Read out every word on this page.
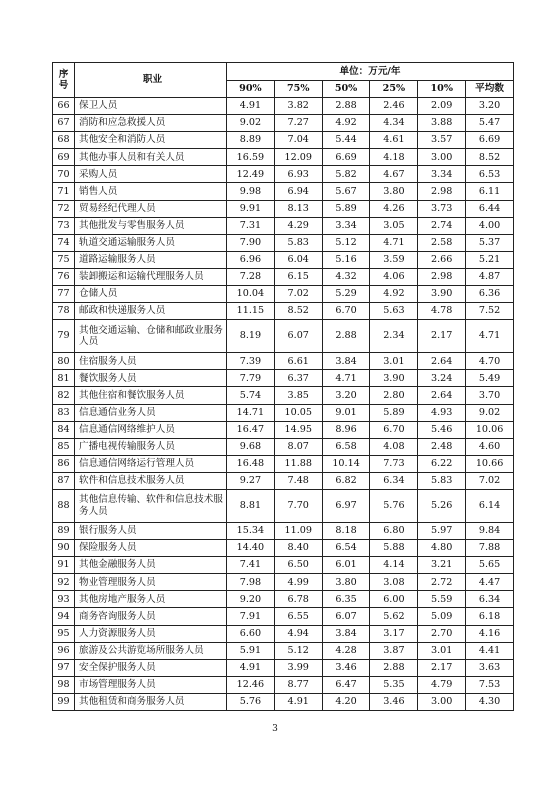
序
号	职业	单位：万元/年					
		90%	75%	50%	25%	10%	平均数
66	保卫人员	4.91	3.82	2.88	2.46	2.09	3.20
67	消防和应急救援人员	9.02	7.27	4.92	4.34	3.88	5.47
68	其他安全和消防人员	8.89	7.04	5.44	4.61	3.57	6.69
69	其他办事人员和有关人员	16.59	12.09	6.69	4.18	3.00	8.52
70	采购人员	12.49	6.93	5.82	4.67	3.34	6.53
71	销售人员	9.98	6.94	5.67	3.80	2.98	6.11
72	贸易经纪代理人员	9.91	8.13	5.89	4.26	3.73	6.44
73	其他批发与零售服务人员	7.31	4.29	3.34	3.05	2.74	4.00
74	轨道交通运输服务人员	7.90	5.83	5.12	4.71	2.58	5.37
75	道路运输服务人员	6.96	6.04	5.16	3.59	2.66	5.21
76	装卸搬运和运输代理服务人员	7.28	6.15	4.32	4.06	2.98	4.87
77	仓储人员	10.04	7.02	5.29	4.92	3.90	6.36
78	邮政和快递服务人员	11.15	8.52	6.70	5.63	4.78	7.52
79	其他交通运输、仓储和邮政业服务人员	8.19	6.07	2.88	2.34	2.17	4.71
80	住宿服务人员	7.39	6.61	3.84	3.01	2.64	4.70
81	餐饮服务人员	7.79	6.37	4.71	3.90	3.24	5.49
82	其他住宿和餐饮服务人员	5.74	3.85	3.20	2.80	2.64	3.70
83	信息通信业务人员	14.71	10.05	9.01	5.89	4.93	9.02
84	信息通信网络维护人员	16.47	14.95	8.96	6.70	5.46	10.06
85	广播电视传输服务人员	9.68	8.07	6.58	4.08	2.48	4.60
86	信息通信网络运行管理人员	16.48	11.88	10.14	7.73	6.22	10.66
87	软件和信息技术服务人员	9.27	7.48	6.82	6.34	5.83	7.02
88	其他信息传输、软件和信息技术服务人员	8.81	7.70	6.97	5.76	5.26	6.14
89	银行服务人员	15.34	11.09	8.18	6.80	5.97	9.84
90	保险服务人员	14.40	8.40	6.54	5.88	4.80	7.88
91	其他金融服务人员	7.41	6.50	6.01	4.14	3.21	5.65
92	物业管理服务人员	7.98	4.99	3.80	3.08	2.72	4.47
93	其他房地产服务人员	9.20	6.78	6.35	6.00	5.59	6.34
94	商务咨询服务人员	7.91	6.55	6.07	5.62	5.09	6.18
95	人力资源服务人员	6.60	4.94	3.84	3.17	2.70	4.16
96	旅游及公共游览场所服务人员	5.91	5.12	4.28	3.87	3.01	4.41
97	安全保护服务人员	4.91	3.99	3.46	2.88	2.17	3.63
98	市场管理服务人员	12.46	8.77	6.47	5.35	4.79	7.53
99	其他租赁和商务服务人员	5.76	4.91	4.20	3.46	3.00	4.30
3
